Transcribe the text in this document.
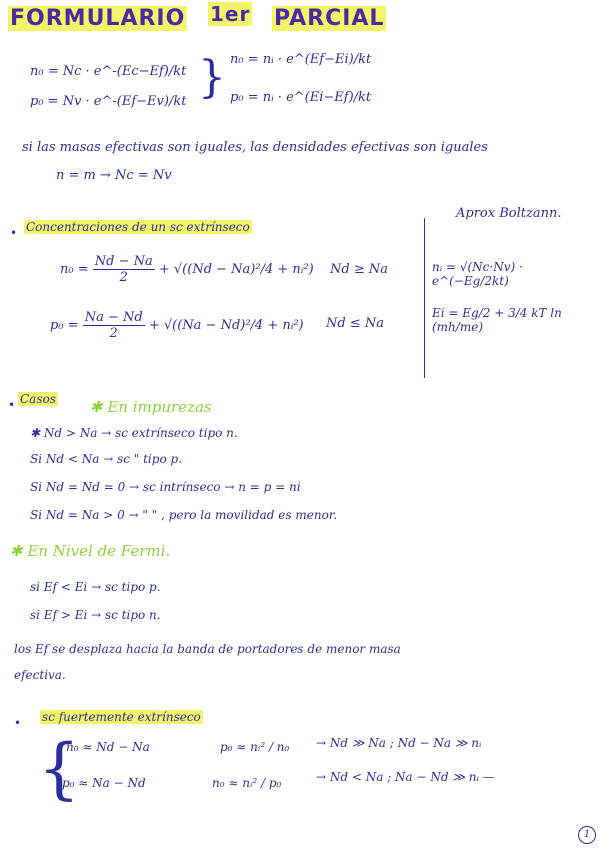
FORMULARIO 1er PARCIAL
n₀ = Nc · e^-(Ec−Ef)/kt
p₀ = Nv · e^-(Ef−Ev)/kt } n₀ = nᵢ · e^(Ef−Ei)/kt
p₀ = nᵢ · e^(Ei−Ef)/kt
si las masas efectivas son iguales, las densidades efectivas son iguales
n = m → Nc = Nv
• Concentraciones de un sc extrínseco
$n_0 = \frac{Nd - Na}{2} + √((Nd - Na)^2/4$ + nᵢ²) Nd ≥ Na
$p_0 = \frac{Na - Nd}{2} + √((Na - Nd)^2/4$ + nᵢ²) Nd ≤ Na
Aprox Boltzann.
nᵢ = √(Nc·Nv) · e^(−Eg/2kt)
Ei = Eg/2 + 3/4 kT ln (mh/me)
• Casos ✱ En impurezas
✱ Nd > Na → sc extrínseco tipo n.
Si Nd < Na → sc " tipo p.
Si Nd = Nd = 0 → sc intrínseco → n = p = ni
Si Nd = Na > 0 → " " , pero la movilidad es menor.
✱ En Nivel de Fermi.
si Ef < Ei → sc tipo p.
si Ef > Ei → sc tipo n.
los Ef se desplaza hacia la banda de portadores de menor masa
efectiva.
• sc fuertemente extrínseco
{
n₀ ≈ Nd − Na	p₀ ≈ nᵢ² / n₀ → Nd ≫ Na ; Nd − Na ≫ nᵢ
p₀ ≈ Na − Nd	n₀ ≈ nᵢ² / p₀	→ Nd < Na ; Na − Nd ≫ nᵢ —
1
